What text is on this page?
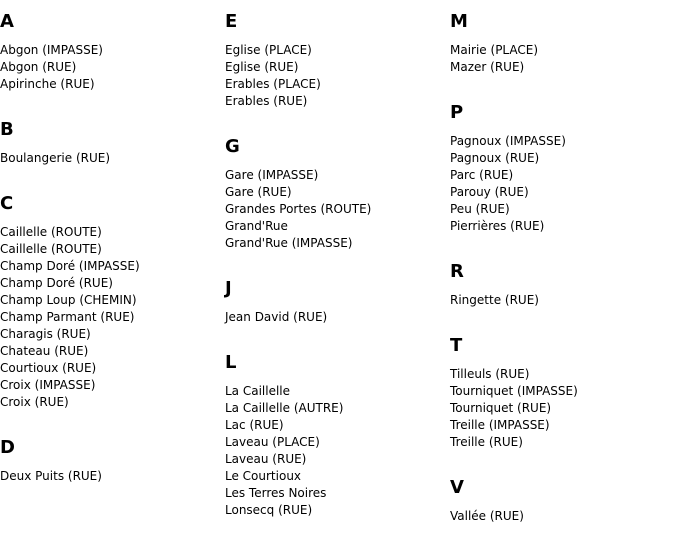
A
Abgon (IMPASSE)
Abgon (RUE)
Apirinche (RUE)
B
Boulangerie (RUE)
C
Caillelle (ROUTE)
Caillelle (ROUTE)
Champ Doré (IMPASSE)
Champ Doré (RUE)
Champ Loup (CHEMIN)
Champ Parmant (RUE)
Charagis (RUE)
Chateau (RUE)
Courtioux (RUE)
Croix (IMPASSE)
Croix (RUE)
D
Deux Puits (RUE)
E
Eglise (PLACE)
Eglise (RUE)
Erables (PLACE)
Erables (RUE)
G
Gare (IMPASSE)
Gare (RUE)
Grandes Portes (ROUTE)
Grand'Rue
Grand'Rue (IMPASSE)
J
Jean David (RUE)
L
La Caillelle
La Caillelle (AUTRE)
Lac (RUE)
Laveau (PLACE)
Laveau (RUE)
Le Courtioux
Les Terres Noires
Lonsecq (RUE)
M
Mairie (PLACE)
Mazer (RUE)
P
Pagnoux (IMPASSE)
Pagnoux (RUE)
Parc (RUE)
Parouy (RUE)
Peu (RUE)
Pierrières (RUE)
R
Ringette (RUE)
T
Tilleuls (RUE)
Tourniquet (IMPASSE)
Tourniquet (RUE)
Treille (IMPASSE)
Treille (RUE)
V
Vallée (RUE)
